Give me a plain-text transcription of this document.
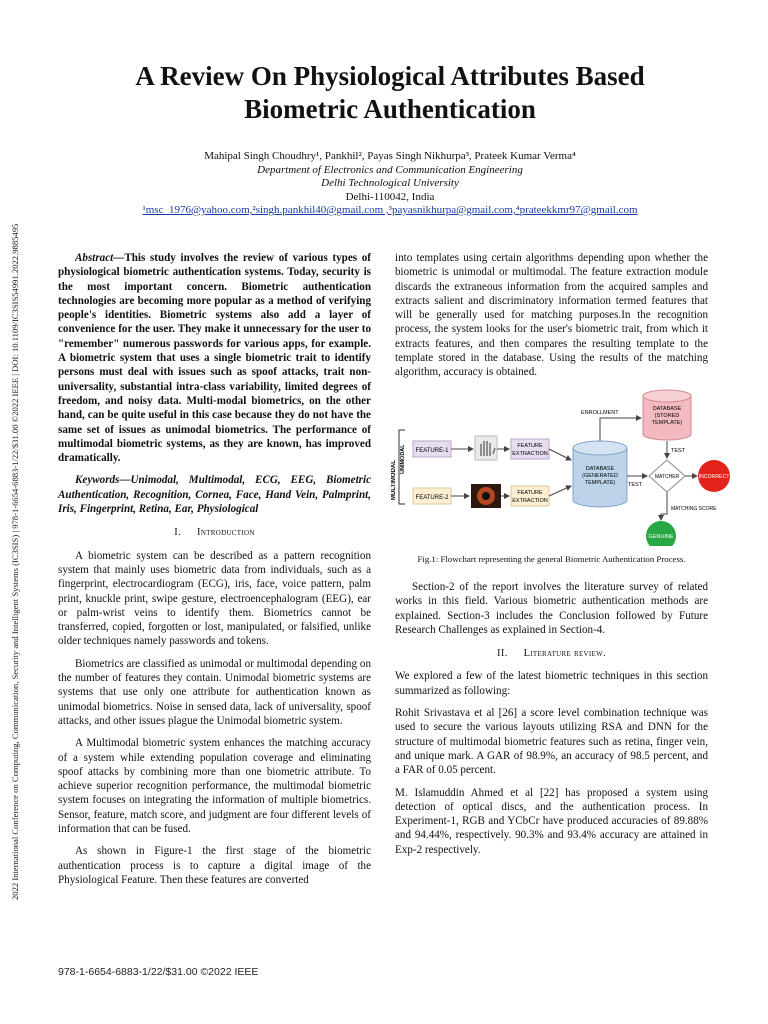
2022 International Conference on Computing, Communication, Security and Intelligent Systems (IC3SIS) | 978-1-6654-6883-1/22/$31.00 ©2022 IEEE | DOI: 10.1109/IC3SIS54991.2022.9885495
A Review On Physiological Attributes Based
Biometric Authentication
Mahipal Singh Choudhry¹, Pankhil², Payas Singh Nikhurpa³, Prateek Kumar Verma⁴
Department of Electronics and Communication Engineering
Delhi Technological University
Delhi-110042, India
¹msc_1976@yahoo.com,²singh.pankhil40@gmail.com ,³payasnikhurpa@gmail.com,⁴prateekkmr97@gmail.com

Abstract—This study involves the review of various types of physiological biometric authentication systems. Today, security is the most important concern. Biometric authentication technologies are becoming more popular as a method of verifying people's identities. Biometric systems also add a layer of convenience for the user. They make it unnecessary for the user to "remember" numerous passwords for various apps, for example. A biometric system that uses a single biometric trait to identify persons must deal with issues such as spoof attacks, trait non-universality, substantial intra-class variability, limited degrees of freedom, and noisy data. Multi-modal biometrics, on the other hand, can be quite useful in this case because they do not have the same set of issues as unimodal biometrics. The performance of multimodal biometric systems, as they are known, has improved dramatically.

Keywords—Unimodal, Multimodal, ECG, EEG, Biometric Authentication, Recognition, Cornea, Face, Hand Vein, Palmprint, Iris, Fingerprint, Retina, Ear, Physiological

I. Introduction

A biometric system can be described as a pattern recognition system that mainly uses biometric data from individuals, such as a fingerprint, electrocardiogram (ECG), iris, face, voice pattern, palm print, knuckle print, swipe gesture, electroencephalogram (EEG), ear or palm-wrist veins to identify them. Biometrics cannot be transferred, copied, forgotten or lost, manipulated, or falsified, unlike older techniques namely passwords and tokens.

Biometrics are classified as unimodal or multimodal depending on the number of features they contain. Unimodal biometric systems are systems that use only one attribute for authentication known as unimodal biometrics. Noise in sensed data, lack of universality, spoof attacks, and other issues plague the Unimodal biometric system.

A Multimodal biometric system enhances the matching accuracy of a system while extending population coverage and eliminating spoof attacks by combining more than one biometric attribute. To achieve superior recognition performance, the multimodal biometric system focuses on integrating the information of multiple biometrics. Sensor, feature, match score, and judgment are four different levels of information that can be fused.

As shown in Figure-1 the first stage of the biometric authentication process is to capture a digital image of the Physiological Feature. Then these features are converted

into templates using certain algorithms depending upon whether the biometric is unimodal or multimodal. The feature extraction module discards the extraneous information from the acquired samples and extracts salient and discriminatory information termed features that will be generally used for matching purposes.In the recognition process, the system looks for the user's biometric trait, from which it extracts features, and then compares the resulting template to the template stored in the database. Using the results of the matching algorithm, accuracy is obtained.

MULTIMODAL
UNIMODAL FEATURE-1
FEATURE-2
FEATURE
EXTRACTION
FEATURE
EXTRACTION
DATABASE
(GENERATED
TEMPLATE)
ENROLLMENT
DATABASE
(STORED
TEMPLATE)
TEST
TEST
MATCHER	INCORRECT
MATCHING SCORE
GENUINE
Fig.1: Flowchart representing the general Biometric Authentication Process.

Section-2 of the report involves the literature survey of related works in this field. Various biometric authentication methods are explained. Section-3 includes the Conclusion followed by Future Research Challenges as explained in Section-4.

II. Literature review.

We explored a few of the latest biometric techniques in this section summarized as following:

Rohit Srivastava et al [26] a score level combination technique was used to secure the various layouts utilizing RSA and DNN for the structure of multimodal biometric features such as retina, finger vein, and unique mark. A GAR of 98.9%, an accuracy of 98.5 percent, and a FAR of 0.05 percent.

M. Islamuddin Ahmed et al [22] has proposed a system using detection of optical discs, and the authentication process. In Experiment-1, RGB and YCbCr have produced accuracies of 89.88% and 94.44%, respectively. 90.3% and 93.4% accuracy are attained in Exp-2 respectively.

978-1-6654-6883-1/22/$31.00 ©2022 IEEE
